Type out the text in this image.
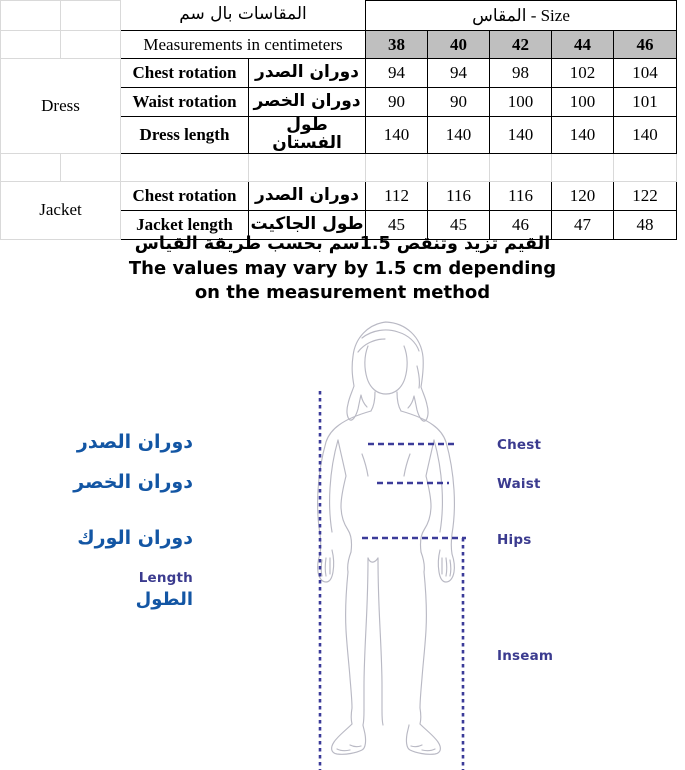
		المقاسات بال سم		المقاس - Size				
		Measurements in centimeters		38	40	42	44	46
Dress		Chest rotation	دوران الصدر	94	94	98	102	104
		Waist rotation	دوران الخصر	90	90	100	100	101
		Dress length	طول الفستان	140	140	140	140	140

Jacket		Chest rotation	دوران الصدر	112	116	116	120	122
		Jacket length	طول الجاكيت	45	45	46	47	48
القيم تزيد وتنقص 1.5سم بحسب طريقة القياس
The values may vary by 1.5 cm depending
on the measurement method
Chest
Waist
Hips
Inseam
دوران الصدر
دوران الخصر
دوران الورك
Length
الطول
